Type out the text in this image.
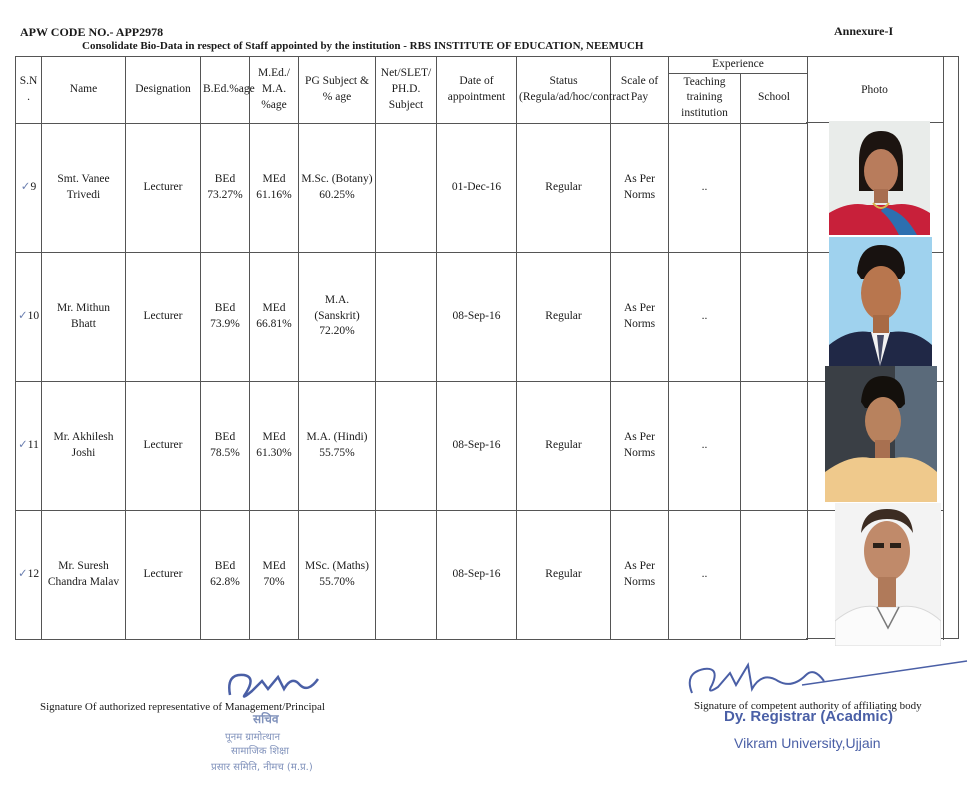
APW CODE NO.- APP2978
Consolidate Bio-Data in respect of Staff appointed by the institution - RBS INSTITUTE OF EDUCATION, NEEMUCH
Annexure-I
S.N .	Name	Designation	B.Ed.%age	M.Ed./ M.A. %age	PG Subject & % age	Net/SLET/ PH.D. Subject	Date of appointment	Status (Regula/ad/hoc/contract	Scale of Pay	Experience	
										Teaching training institution	School
✓9	Smt. Vanee Trivedi	Lecturer	BEd 73.27%	MEd 61.16%	M.Sc. (Botany) 60.25%		01-Dec-16	Regular	As Per Norms	..	
✓10	Mr. Mithun Bhatt	Lecturer	BEd 73.9%	MEd 66.81%	M.A. (Sanskrit) 72.20%		08-Sep-16	Regular	As Per Norms	..	
✓11	Mr. Akhilesh Joshi	Lecturer	BEd 78.5%	MEd 61.30%	M.A. (Hindi) 55.75%		08-Sep-16	Regular	As Per Norms	..	
✓12	Mr. Suresh Chandra Malav	Lecturer	BEd 62.8%	MEd 70%	MSc. (Maths) 55.70%		08-Sep-16	Regular	As Per Norms	..	
Photo
सचिव
पूनम ग्रामोत्थान
सामाजिक शिक्षा
प्रसार समिति, नीमच (म.प्र.)
Signature Of authorized representative of Management/Principal	Signature of competent authority of affiliating body
Dy. Registrar (Acadmic)
Vikram University,Ujjain
